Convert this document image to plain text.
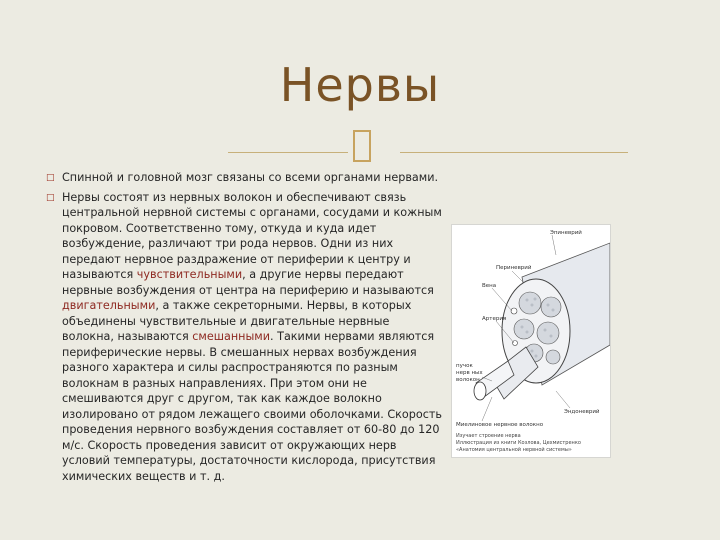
Нервы
□ Спинной и головной мозг связаны со всеми органами нервами.
□ Нервы состоят из нервных волокон и обеспечивают связь центральной нервной системы с органами, сосудами и кожным покровом. Соответственно тому, откуда и куда идет возбуждение, различают три рода нервов. Одни из них передают нервное раздражение от периферии к центру и называются чувствительными, а другие нервы передают нервные возбуждения от центра на периферию и называются двигательными, а также секреторными. Нервы, в которых объединены чувствительные и двигательные нервные волокна, называются смешанными. Такими нервами являются периферические нервы. В смешанных нервах возбуждения разного характера и силы распространяются по разным волокнам в разных направлениях. При этом они не смешиваются друг с другом, так как каждое волокно изолировано от рядом лежащего своими оболочками. Скорость проведения нервного возбуждения составляет от 60-80 до 120 м/с. Скорость проведения зависит от окружающих нерв условий температуры, достаточности кислорода, присутствия химических веществ и т. д.
Эпиневрий
Периневрий
Вена
Артерия
пучок
нерв ных
волокон
Эндоневрий
Миелиновое нервное волокно
Изучает строение нерва
Иллюстрация из книги Козлова, Цехмистренко
«Анатомия центральной нервной системы»
